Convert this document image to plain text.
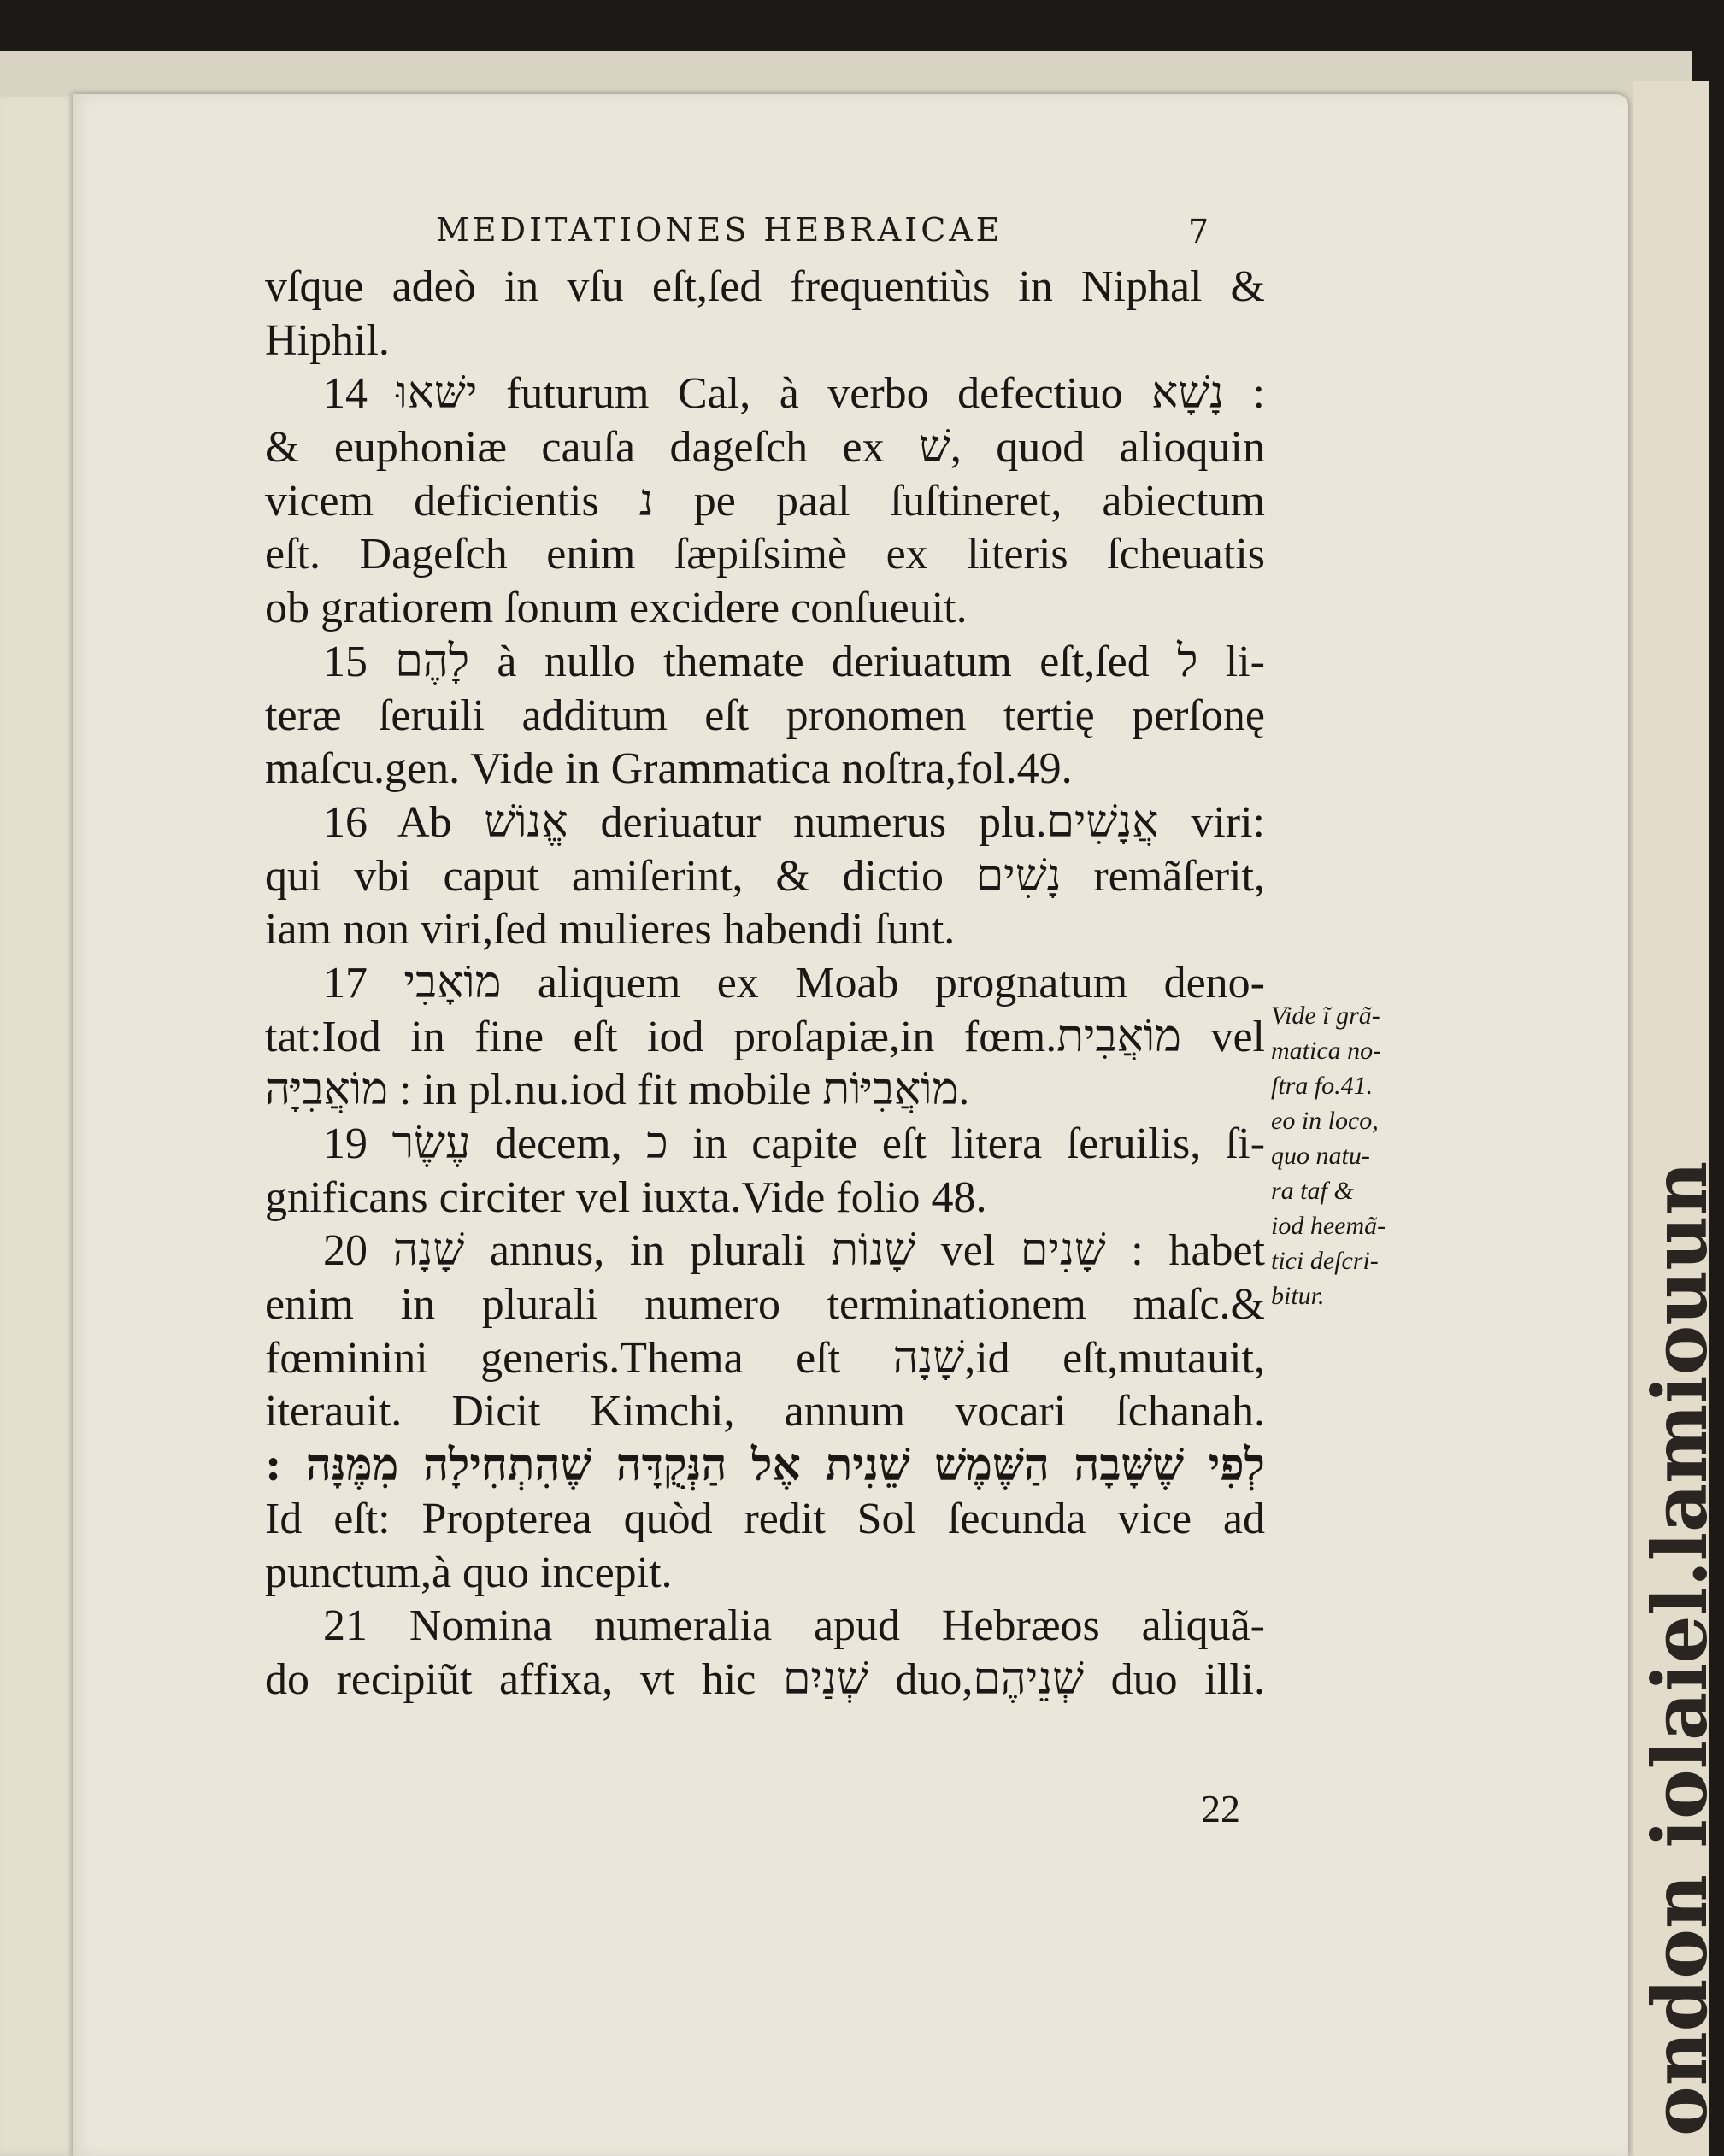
ondon iolaiel.lamiouun
MEDITATIONES HEBRAICAE	7
vſque adeò in vſu eſt,ſed frequentiùs in Niphal &
Hiphil.
14 ישּׁאוּ futurum Cal, à verbo defectiuo נָשָׁא :
& euphoniæ cauſa dageſch ex שׁ, quod alioquin
vicem deficientis נ pe paal ſuſtineret, abiectum
eſt. Dageſch enim ſæpiſsimè ex literis ſcheuatis
ob gratiorem ſonum excidere conſueuit.
15 לָהֶם à nullo themate deriuatum eſt,ſed ל li-
teræ ſeruili additum eſt pronomen tertię perſonę
maſcu.gen. Vide in Grammatica noſtra,fol.49.
16 Ab אֱנוֹשׁ deriuatur numerus plu.אֲנָשִׁים viri:
qui vbi caput amiſerint, & dictio נָשִׁים remãſerit,
iam non viri,ſed mulieres habendi ſunt.
17 מוֹאָבִי aliquem ex Moab prognatum deno-
tat:Iod in fine eſt iod proſapiæ,in fœm.מוֹאֲבִית vel
מוֹאֲבִיָּה : in pl.nu.iod fit mobile מוֹאֲבִיּוֹת.
19 עֶשֶׂר decem, כ in capite eſt litera ſeruilis, ſi-
gnificans circiter vel iuxta.Vide folio 48.
20 שָׁנָה annus, in plurali שָׁנוֹת vel שָׁנִים : habet
enim in plurali numero terminationem maſc.&
fœminini generis.Thema eſt שָׁנָה,id eſt,mutauit,
iterauit. Dicit Kimchi, annum vocari ſchanah.
לְפִי שֶׁשָּׁבָה הַשֶּׁמֶשׁ שֵׁנִית אֶל הַנְּקֻדָּה שֶׁהִתְחִילָה מִמֶּנָּה :
Id eſt: Propterea quòd redit Sol ſecunda vice ad
punctum,à quo incepit.
21 Nomina numeralia apud Hebræos aliquã-
do recipiũt affixa, vt hic שְׁנַיִם duo,שְׁנֵיהֶם duo illi.
22
Vide ĩ grã-
matica no-
ſtra fo.41.
eo in loco,
quo natu-
ra taf &
iod heemã-
tici deſcri-
bitur.
